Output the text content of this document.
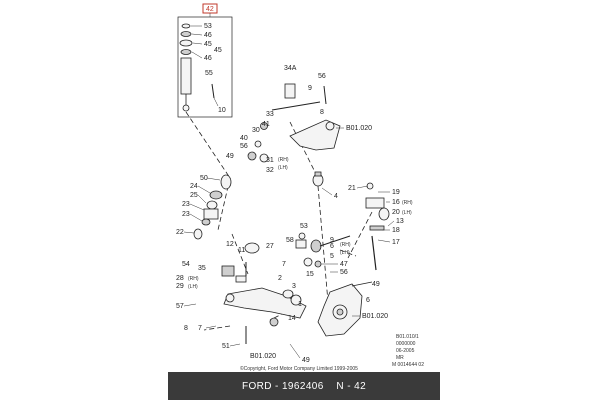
42
53
46
45
45
46
55
10
34A
56
33
9
8
41
30
40
56
49
31
32
(RH)
(LH)
4
50
24
25
23
23
22
12
11
27
21
19
16 (RH)
20 (LH)
13
18
17
53
58	9
6 (RH)
(LH)
5
47
7
15	56
54
35
28 (RH)
29 (LH)
57
8
2
3
1
14
7
51
49
49
6
B01.020
B01.020
B01.020
B01.010/1
0000000
06-2005
MR
M 0014644 02
©Copyright, Ford Motor Company Limited 1999-2005
FORD - 1962406
N - 42
